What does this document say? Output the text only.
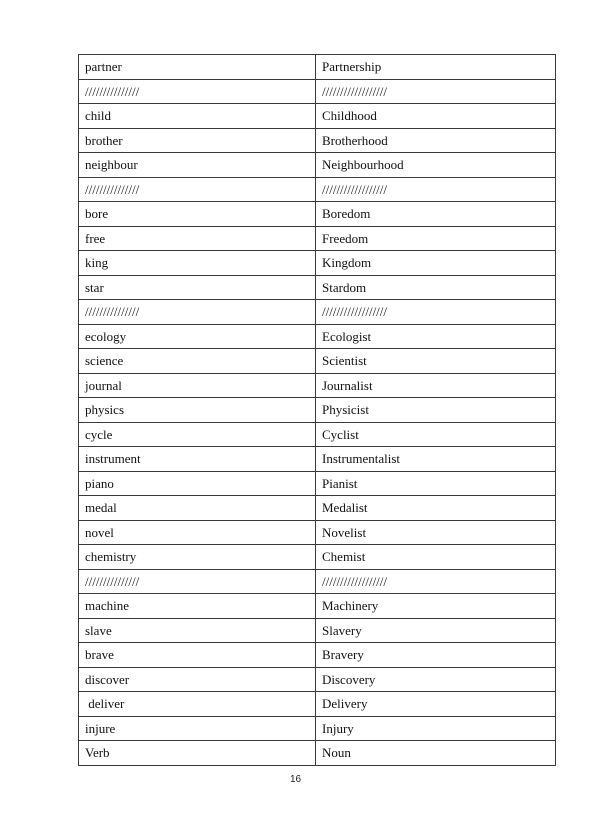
partner	Partnership
///////////////	//////////////////
child	Childhood
brother	Brotherhood
neighbour	Neighbourhood
///////////////	//////////////////
bore	Boredom
free	Freedom
king	Kingdom
star	Stardom
///////////////	//////////////////
ecology	Ecologist
science	Scientist
journal	Journalist
physics	Physicist
cycle	Cyclist
instrument	Instrumentalist
piano	Pianist
medal	Medalist
novel	Novelist
chemistry	Chemist
///////////////	//////////////////
machine	Machinery
slave	Slavery
brave	Bravery
discover	Discovery
deliver	Delivery
injure	Injury
Verb	Noun
16
